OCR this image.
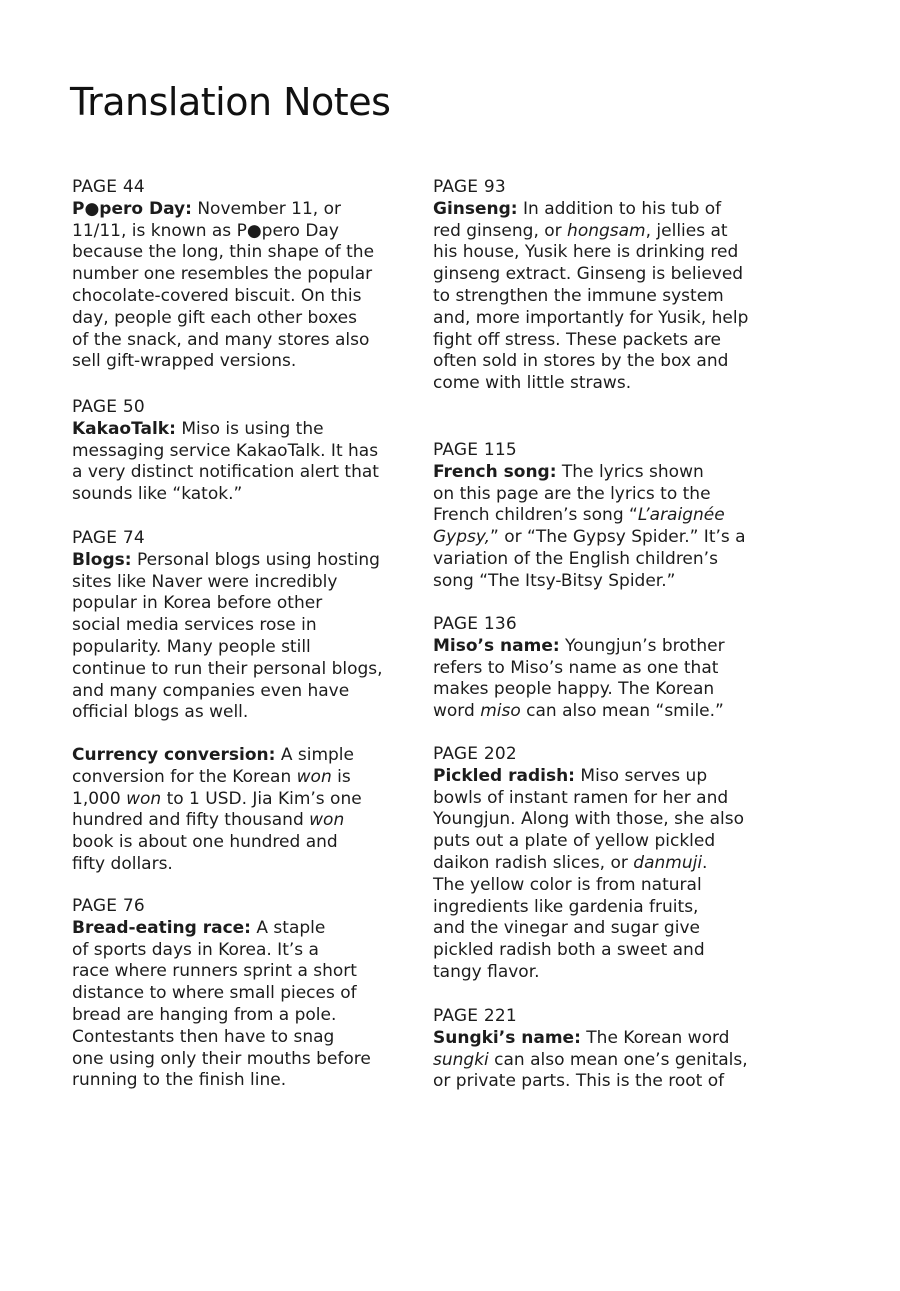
Translation Notes
PAGE 44
P●pero Day: November 11, or
11/11, is known as P●pero Day
because the long, thin shape of the
number one resembles the popular
chocolate-covered biscuit. On this
day, people gift each other boxes
of the snack, and many stores also
sell gift-wrapped versions.
PAGE 50
KakaoTalk: Miso is using the
messaging service KakaoTalk. It has
a very distinct notification alert that
sounds like “katok.”
PAGE 74
Blogs: Personal blogs using hosting
sites like Naver were incredibly
popular in Korea before other
social media services rose in
popularity. Many people still
continue to run their personal blogs,
and many companies even have
official blogs as well.
Currency conversion: A simple
conversion for the Korean won is
1,000 won to 1 USD. Jia Kim’s one
hundred and fifty thousand won
book is about one hundred and
fifty dollars.
PAGE 76
Bread-eating race: A staple
of sports days in Korea. It’s a
race where runners sprint a short
distance to where small pieces of
bread are hanging from a pole.
Contestants then have to snag
one using only their mouths before
running to the finish line.
PAGE 93
Ginseng: In addition to his tub of
red ginseng, or hongsam, jellies at
his house, Yusik here is drinking red
ginseng extract. Ginseng is believed
to strengthen the immune system
and, more importantly for Yusik, help
fight off stress. These packets are
often sold in stores by the box and
come with little straws.
PAGE 115
French song: The lyrics shown
on this page are the lyrics to the
French children’s song “L’araignée
Gypsy,” or “The Gypsy Spider.” It’s a
variation of the English children’s
song “The Itsy-Bitsy Spider.”
PAGE 136
Miso’s name: Youngjun’s brother
refers to Miso’s name as one that
makes people happy. The Korean
word miso can also mean “smile.”
PAGE 202
Pickled radish: Miso serves up
bowls of instant ramen for her and
Youngjun. Along with those, she also
puts out a plate of yellow pickled
daikon radish slices, or danmuji.
The yellow color is from natural
ingredients like gardenia fruits,
and the vinegar and sugar give
pickled radish both a sweet and
tangy flavor.
PAGE 221
Sungki’s name: The Korean word
sungki can also mean one’s genitals,
or private parts. This is the root of
